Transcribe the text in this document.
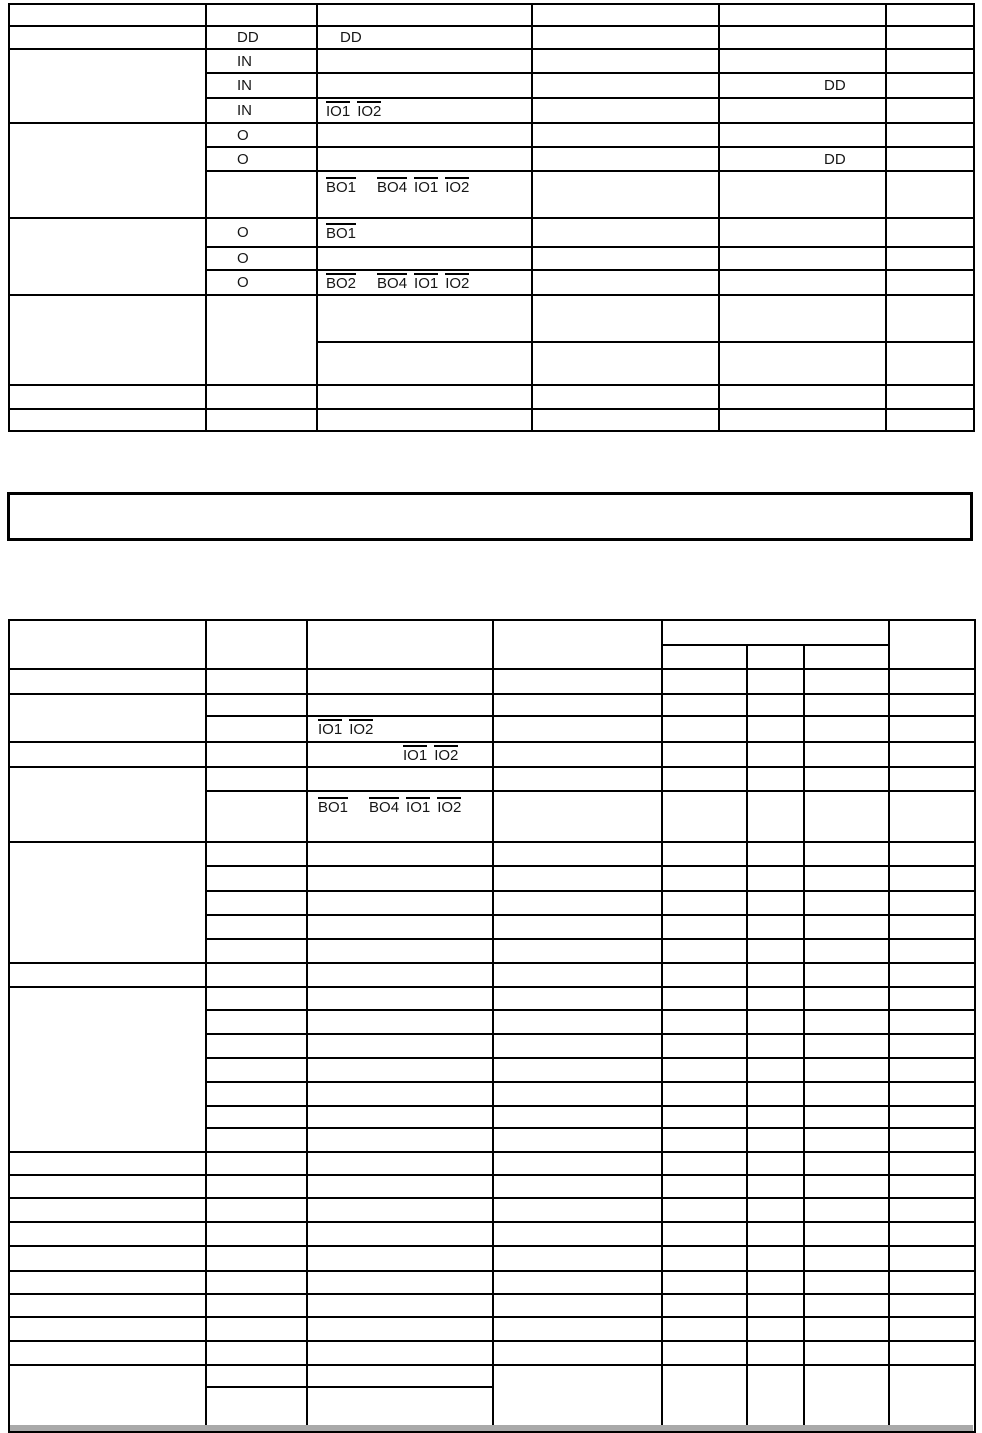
	DD	DD			
	IN				
	IN			DD	
	IN	IO1 IO2			
	O				
	O			DD	
		BO1 BO4 IO1 IO2			
	O	BO1			
	O				
	O	BO2 BO4 IO1 IO2			

		IO1 IO2					
		IO1 IO2					

		BO1 BO4 IO1 IO2					
